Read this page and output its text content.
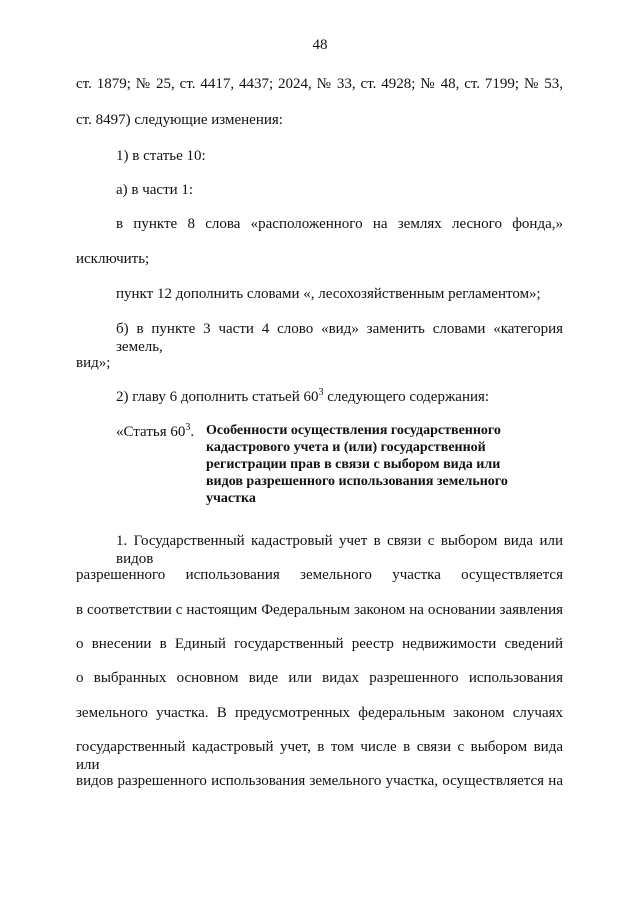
48
ст. 1879; № 25, ст. 4417, 4437; 2024, № 33, ст. 4928; № 48, ст. 7199; № 53,
ст. 8497) следующие изменения:
1) в статье 10:
а) в части 1:
в пункте 8 слова «расположенного на землях лесного фонда,»
исключить;
пункт 12 дополнить словами «, лесохозяйственным регламентом»;
б) в пункте 3 части 4 слово «вид» заменить словами «категория земель,
вид»;
2) главу 6 дополнить статьей $60^3$ следующего содержания:
«Статья $60^3$. Особенности осуществления государственного кадастрового учета и (или) государственной регистрации прав в связи с выбором вида или видов разрешенного использования земельного участка
1. Государственный кадастровый учет в связи с выбором вида или видов
разрешенного использования земельного участка осуществляется
в соответствии с настоящим Федеральным законом на основании заявления
о внесении в Единый государственный реестр недвижимости сведений
о выбранных основном виде или видах разрешенного использования
земельного участка. В предусмотренных федеральным законом случаях
государственный кадастровый учет, в том числе в связи с выбором вида или
видов разрешенного использования земельного участка, осуществляется на
